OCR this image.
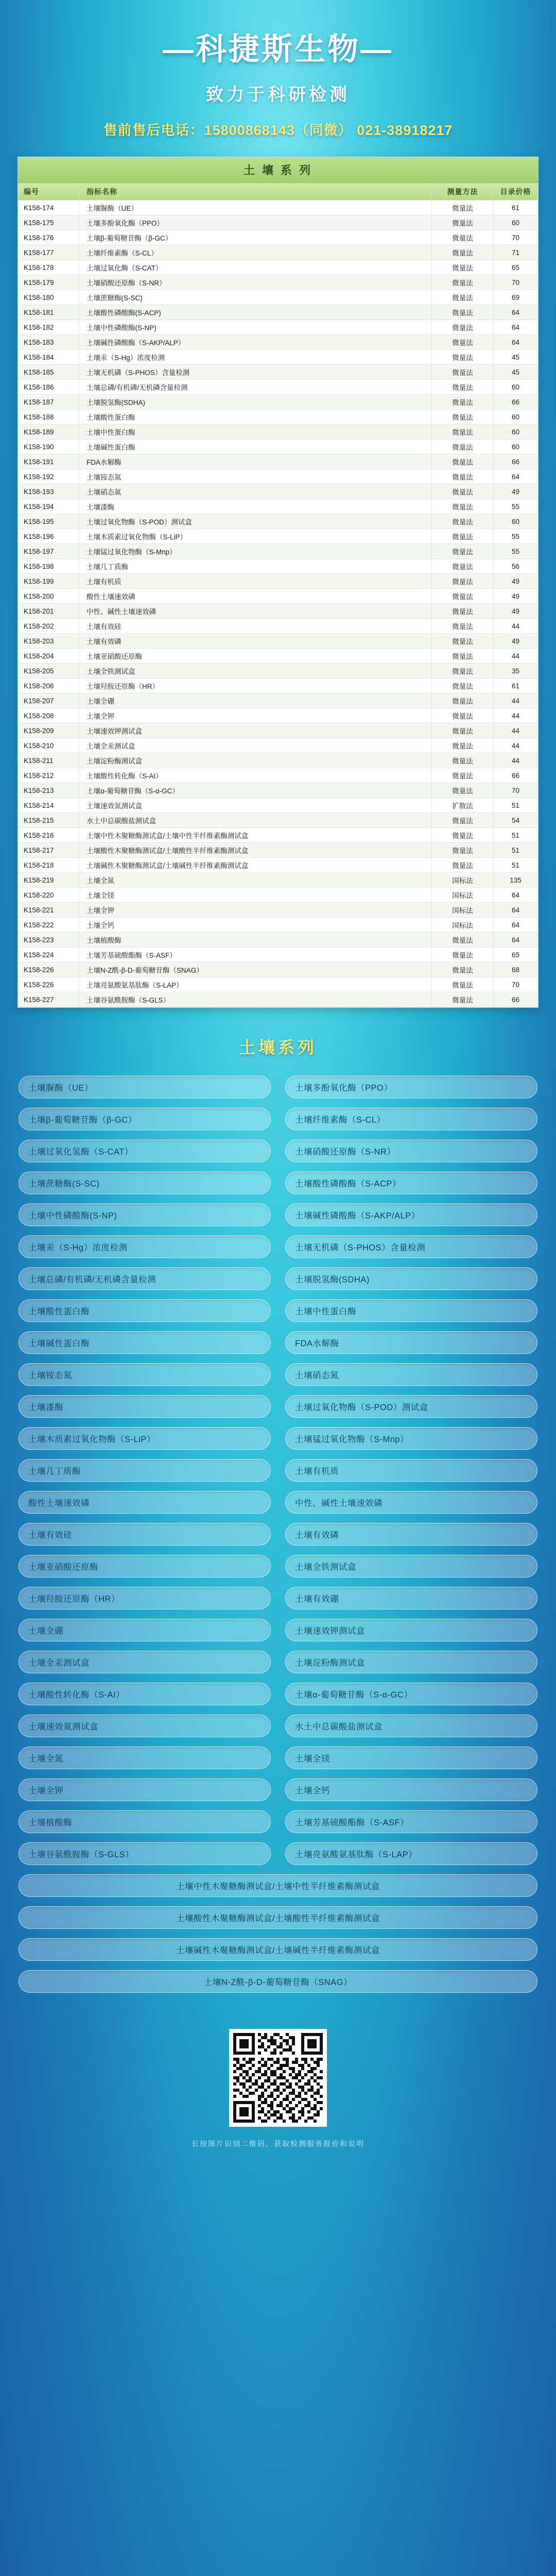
—科捷斯生物—
致力于科研检测
售前售后电话：15800868143（同微） 021-38918217
土 壤 系 列
编号	指标名称	测量方法	目录价格
K158-174	土壤脲酶（UE）	微量法	61
K158-175	土壤多酚氧化酶（PPO）	微量法	60
K158-176	土壤β-葡萄糖苷酶（β-GC）	微量法	70
K158-177	土壤纤维素酶（S-CL）	微量法	71
K158-178	土壤过氧化酶（S-CAT）	微量法	65
K158-179	土壤硝酸还原酶（S-NR）	微量法	70
K158-180	土壤蔗糖酶(S-SC)	微量法	69
K158-181	土壤酸性磷酸酶(S-ACP)	微量法	64
K158-182	土壤中性磷酸酶(S-NP)	微量法	64
K158-183	土壤碱性磷酸酶（S-AKP/ALP）	微量法	64
K158-184	土壤汞（S-Hg）浓度检测	微量法	45
K158-185	土壤无机磷（S-PHOS）含量检测	微量法	45
K158-186	土壤总磷/有机磷/无机磷含量检测	微量法	60
K158-187	土壤脱氢酶(SDHA)	微量法	66
K158-188	土壤酸性蛋白酶	微量法	60
K158-189	土壤中性蛋白酶	微量法	60
K158-190	土壤碱性蛋白酶	微量法	60
K158-191	FDA水解酶	微量法	66
K158-192	土壤铵态氮	微量法	64
K158-193	土壤硝态氮	微量法	49
K158-194	土壤漆酶	微量法	55
K158-195	土壤过氧化物酶（S-POD）测试盒	微量法	60
K158-196	土壤木质素过氧化物酶（S-LiP）	微量法	55
K158-197	土壤锰过氧化物酶（S-Mnp）	微量法	55
K158-198	土壤几丁质酶	微量法	56
K158-199	土壤有机质	微量法	49
K158-200	酸性土壤速效磷	微量法	49
K158-201	中性、碱性土壤速效磷	微量法	49
K158-202	土壤有效硅	微量法	44
K158-203	土壤有效磷	微量法	49
K158-204	土壤亚硝酸还原酶	微量法	44
K158-205	土壤全铁测试盒	微量法	35
K158-206	土壤羟胺还原酶（HR）	微量法	61
K158-207	土壤全硼	微量法	44
K158-208	土壤全钾	微量法	44
K158-209	土壤速效钾测试盒	微量法	44
K158-210	土壤全汞测试盒	微量法	44
K158-211	土壤淀粉酶测试盒	微量法	44
K158-212	土壤酸性转化酶（S-AI）	微量法	66
K158-213	土壤α-葡萄糖苷酶（S-α-GC）	微量法	70
K158-214	土壤速效氮测试盒	扩散法	51
K158-215	水土中总碳酸盐测试盒	微量法	54
K158-216	土壤中性木聚糖酶测试盒/土壤中性半纤维素酶测试盒	微量法	51
K158-217	土壤酸性木聚糖酶测试盒/土壤酸性半纤维素酶测试盒	微量法	51
K158-218	土壤碱性木聚糖酶测试盒/土壤碱性半纤维素酶测试盒	微量法	51
K158-219	土壤全氮	国标法	135
K158-220	土壤全镁	国标法	64
K158-221	土壤全钾	国标法	64
K158-222	土壤全钙	国标法	64
K158-223	土壤植酸酶	微量法	64
K158-224	土壤芳基硫酸酯酶（S-ASF）	微量法	65
K158-226	土壤N-Z酰-β-D-葡萄糖苷酶（SNAG）	微量法	68
K158-226	土壤亮氨酸氨基肽酶（S-LAP）	微量法	70
K158-227	土壤谷氨酰胺酶（S-GLS）	微量法	66
土壤系列
土壤脲酶（UE）	土壤多酚氧化酶（PPO）
土壤β-葡萄糖苷酶（β-GC）	土壤纤维素酶（S-CL）
土壤过氧化氢酶（S-CAT）	土壤硝酸还原酶（S-NR）
土壤蔗糖酶(S-SC)	土壤酸性磷酸酶（S-ACP）
土壤中性磷酸酶(S-NP)	土壤碱性磷酸酶（S-AKP/ALP）
土壤汞（S-Hg）浓度检测	土壤无机磷（S-PHOS）含量检测
土壤总磷/有机磷/无机磷含量检测	土壤脱氢酶(SDHA)
土壤酸性蛋白酶	土壤中性蛋白酶
土壤碱性蛋白酶	FDA水解酶
土壤铵态氮	土壤硝态氮
土壤漆酶	土壤过氧化物酶（S-POD）测试盒
土壤木质素过氧化物酶（S-LiP）	土壤锰过氧化物酶（S-Mnp）
土壤几丁质酶	土壤有机质
酸性土壤速效磷	中性、碱性土壤速效磷
土壤有效硅	土壤有效磷
土壤亚硝酸还原酶	土壤全铁测试盒
土壤羟胺还原酶（HR）	土壤有效硼
土壤全硼	土壤速效钾测试盒
土壤全汞测试盒	土壤淀粉酶测试盒
土壤酸性转化酶（S-AI）	土壤α-葡萄糖苷酶（S-α-GC）
土壤速效氮测试盒	水土中总碳酸盐测试盒
土壤全氮	土壤全镁
土壤全钾	土壤全钙
土壤植酸酶	土壤芳基硫酸酯酶（S-ASF）
土壤谷氨酰胺酶（S-GLS）	土壤亮氨酸氨基肽酶（S-LAP）
土壤中性木聚糖酶测试盒/土壤中性半纤维素酶测试盒
土壤酸性木聚糖酶测试盒/土壤酸性半纤维素酶测试盒
土壤碱性木聚糖酶测试盒/土壤碱性半纤维素酶测试盒
土壤N-Z酰-β-D-葡萄糖苷酶（SNAG）
长按图片识别二维码，获取检测服务报价和说明
